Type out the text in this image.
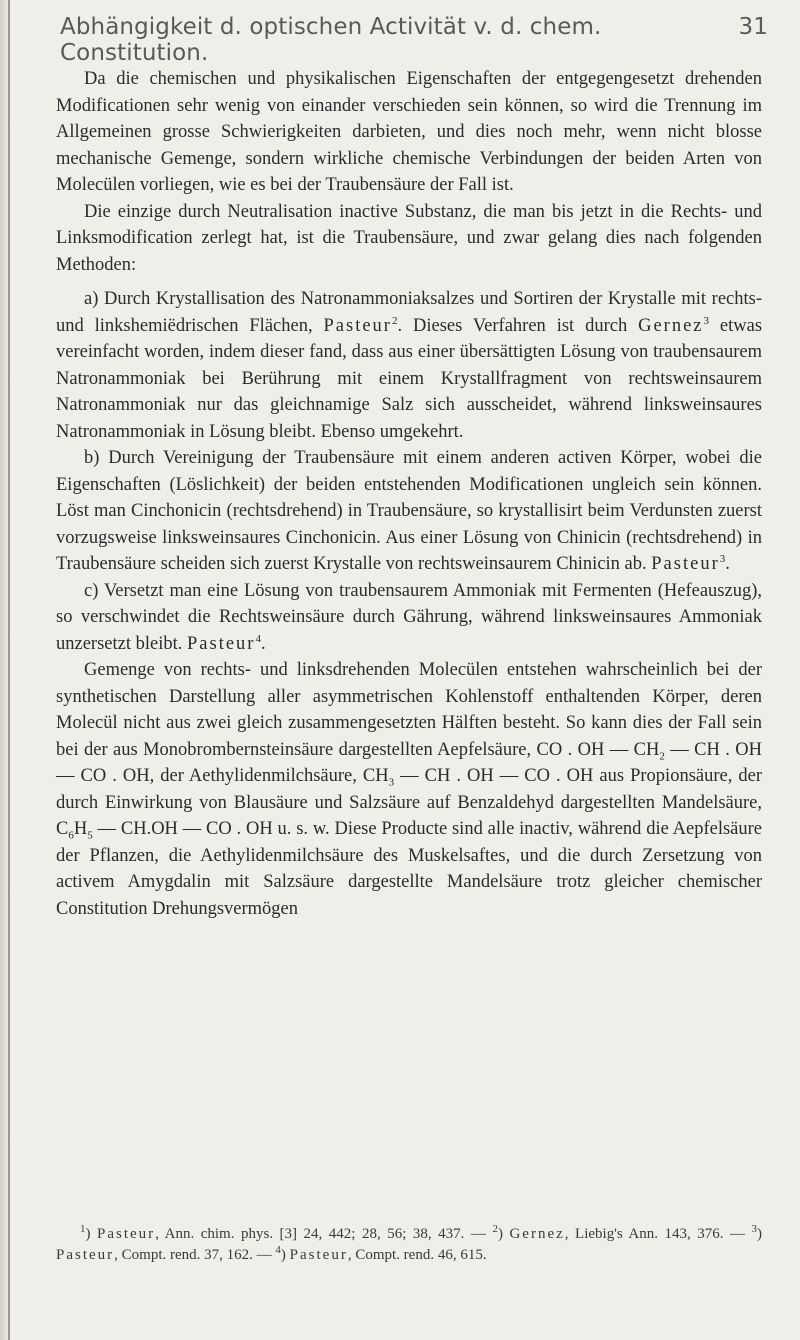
Abhängigkeit d. optischen Activität v. d. chem. Constitution.
31

Da die chemischen und physikalischen Eigenschaften der entgegengesetzt drehenden Modificationen sehr wenig von einander verschieden sein können, so wird die Trennung im Allgemeinen grosse Schwierigkeiten darbieten, und dies noch mehr, wenn nicht blosse mechanische Gemenge, sondern wirkliche chemische Verbindungen der beiden Arten von Molecülen vorliegen, wie es bei der Traubensäure der Fall ist.

Die einzige durch Neutralisation inactive Substanz, die man bis jetzt in die Rechts- und Linksmodification zerlegt hat, ist die Traubensäure, und zwar gelang dies nach folgenden Methoden:

a) Durch Krystallisation des Natronammoniaksalzes und Sortiren der Krystalle mit rechts- und linkshemiëdrischen Flächen, Pasteur$^2$. Dieses Verfahren ist durch Gernez$^3$ etwas vereinfacht worden, indem dieser fand, dass aus einer übersättigten Lösung von traubensaurem Natronammoniak bei Berührung mit einem Krystallfragment von rechtsweinsaurem Natronammoniak nur das gleichnamige Salz sich ausscheidet, während linksweinsaures Natronammoniak in Lösung bleibt. Ebenso umgekehrt.

b) Durch Vereinigung der Traubensäure mit einem anderen activen Körper, wobei die Eigenschaften (Löslichkeit) der beiden entstehenden Modificationen ungleich sein können. Löst man Cinchonicin (rechtsdrehend) in Traubensäure, so krystallisirt beim Verdunsten zuerst vorzugsweise linksweinsaures Cinchonicin. Aus einer Lösung von Chinicin (rechtsdrehend) in Traubensäure scheiden sich zuerst Krystalle von rechtsweinsaurem Chinicin ab. Pasteur$^3$.

c) Versetzt man eine Lösung von traubensaurem Ammoniak mit Fermenten (Hefeauszug), so verschwindet die Rechtsweinsäure durch Gährung, während linksweinsaures Ammoniak unzersetzt bleibt. Pasteur$^4$.

Gemenge von rechts- und linksdrehenden Molecülen entstehen wahrscheinlich bei der synthetischen Darstellung aller asymmetrischen Kohlenstoff enthaltenden Körper, deren Molecül nicht aus zwei gleich zusammengesetzten Hälften besteht. So kann dies der Fall sein bei der aus Monobrombernsteinsäure dargestellten Aepfelsäure, CO . OH — $CH_2$ — CH . OH — CO . OH, der Aethylidenmilchsäure, $CH_3$ — CH . OH — CO . OH aus Propionsäure, der durch Einwirkung von Blausäure und Salzsäure auf Benzaldehyd dargestellten Mandelsäure, $C_6H_5$ — CH.OH — CO . OH u. s. w. Diese Producte sind alle inactiv, während die Aepfelsäure der Pflanzen, die Aethylidenmilchsäure des Muskelsaftes, und die durch Zersetzung von activem Amygdalin mit Salzsäure dargestellte Mandelsäure trotz gleicher chemischer Constitution Drehungsvermögen

$^1$) Pasteur, Ann. chim. phys. [3] 24, 442; 28, 56; 38, 437. — $^2$) Gernez, Liebig's Ann. 143, 376. — $^3$) Pasteur, Compt. rend. 37, 162. — $^4$) Pasteur, Compt. rend. 46, 615.
